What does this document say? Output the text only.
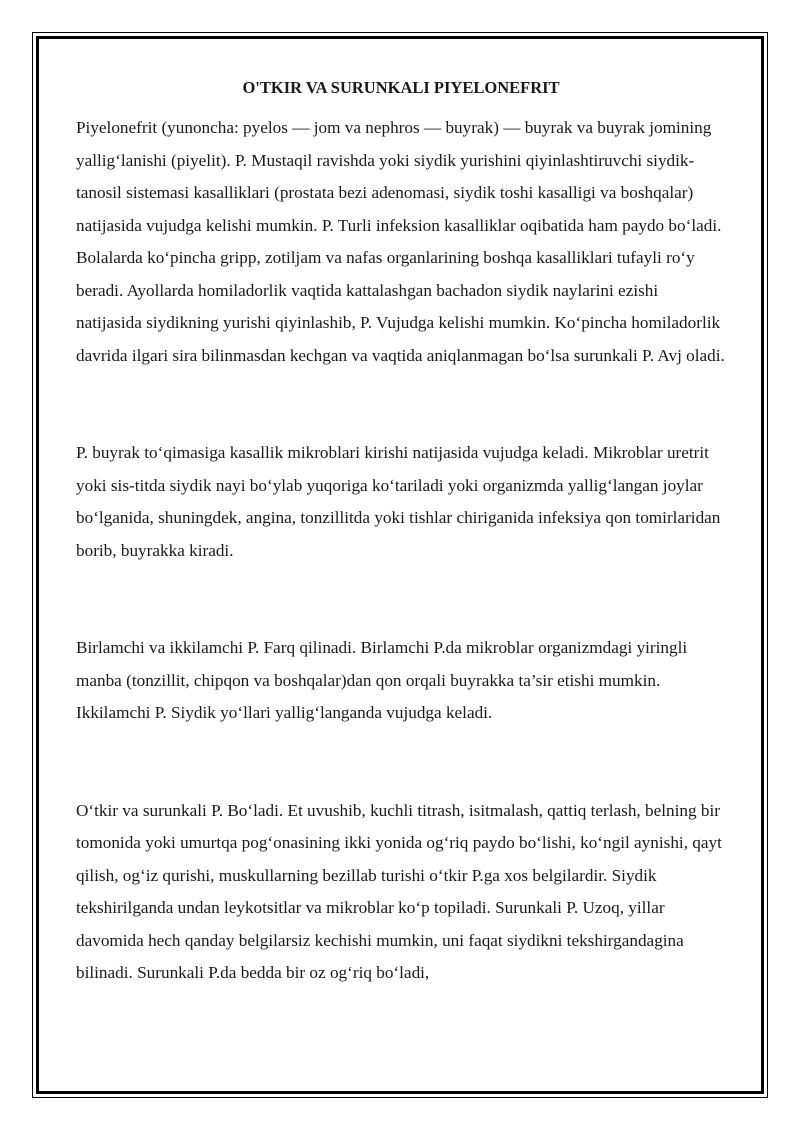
O'TKIR VA SURUNKALI PIYELONEFRIT

Piyelonefrit (yunoncha: pyelos — jom va nephros — buyrak) — buyrak va buyrak jomining yallig‘lanishi (piyelit). P. Mustaqil ravishda yoki siydik yurishini qiyinlashtiruvchi siydik-tanosil sistemasi kasalliklari (prostata bezi adenomasi, siydik toshi kasalligi va boshqalar) natijasida vujudga kelishi mumkin. P. Turli infeksion kasalliklar oqibatida ham paydo bo‘ladi. Bolalarda ko‘pincha gripp, zotiljam va nafas organlarining boshqa kasalliklari tufayli ro‘y beradi. Ayollarda homiladorlik vaqtida kattalashgan bachadon siydik naylarini ezishi natijasida siydikning yurishi qiyinlashib, P. Vujudga kelishi mumkin. Ko‘pincha homiladorlik davrida ilgari sira bilinmasdan kechgan va vaqtida aniqlanmagan bo‘lsa surunkali P. Avj oladi.

P. buyrak to‘qimasiga kasallik mikroblari kirishi natijasida vujudga keladi. Mikroblar uretrit yoki sis-titda siydik nayi bo‘ylab yuqoriga ko‘tariladi yoki organizmda yallig‘langan joylar bo‘lganida, shuningdek, angina, tonzillitda yoki tishlar chiriganida infeksiya qon tomirlaridan borib, buyrakka kiradi.

Birlamchi va ikkilamchi P. Farq qilinadi. Birlamchi P.da mikroblar organizmdagi yiringli manba (tonzillit, chipqon va boshqalar)dan qon orqali buyrakka ta’sir etishi mumkin. Ikkilamchi P. Siydik yo‘llari yallig‘langanda vujudga keladi.

O‘tkir va surunkali P. Bo‘ladi. Et uvushib, kuchli titrash, isitmalash, qattiq terlash, belning bir tomonida yoki umurtqa pog‘onasining ikki yonida og‘riq paydo bo‘lishi, ko‘ngil aynishi, qayt qilish, og‘iz qurishi, muskullarning bezillab turishi o‘tkir P.ga xos belgilardir. Siydik tekshirilganda undan leykotsitlar va mikroblar ko‘p topiladi. Surunkali P. Uzoq, yillar davomida hech qanday belgilarsiz kechishi mumkin, uni faqat siydikni tekshirgandagina bilinadi. Surunkali P.da bedda bir oz og‘riq bo‘ladi,
